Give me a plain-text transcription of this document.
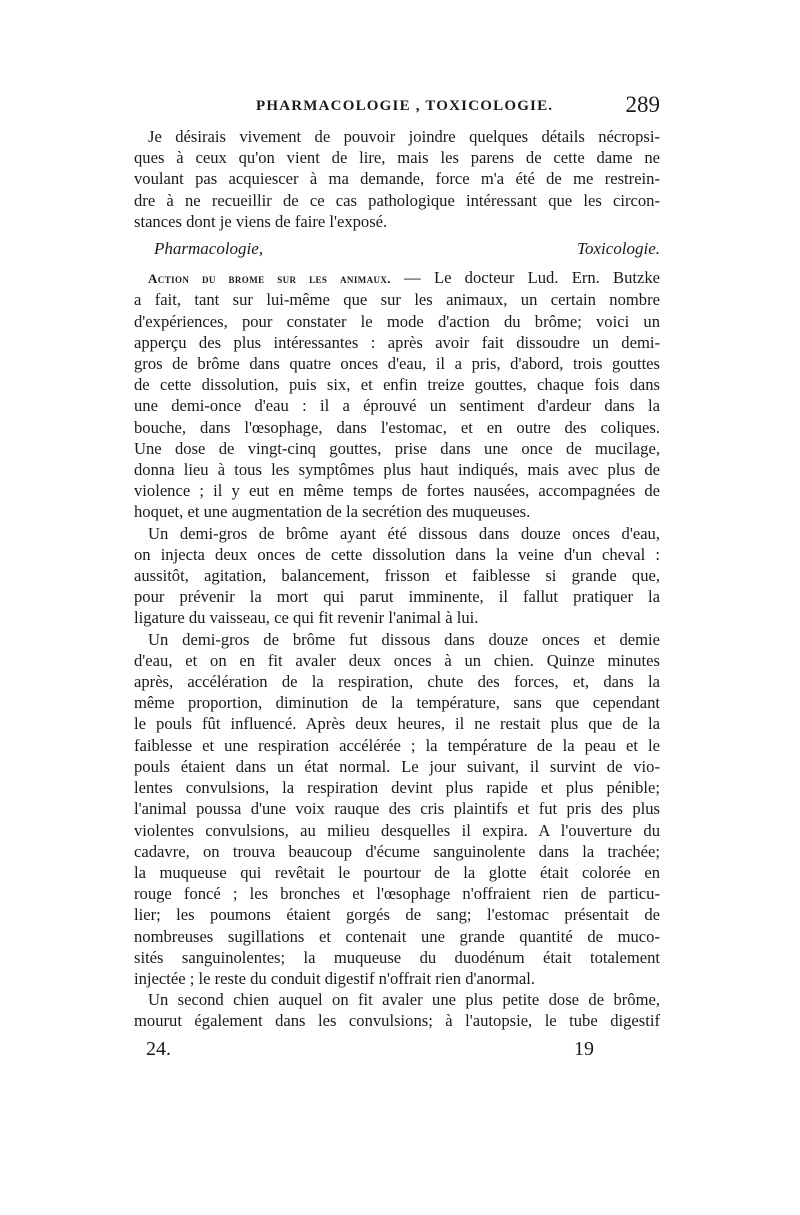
PHARMACOLOGIE , TOXICOLOGIE.	289
Je désirais vivement de pouvoir joindre quelques détails nécropsi-
ques à ceux qu'on vient de lire, mais les parens de cette dame ne
voulant pas acquiescer à ma demande, force m'a été de me restrein-
dre à ne recueillir de ce cas pathologique intéressant que les circon-
stances dont je viens de faire l'exposé.
Pharmacologie, Toxicologie.
Action du brome sur les animaux. — Le docteur Lud. Ern. Butzke
a fait, tant sur lui-même que sur les animaux, un certain nombre
d'expériences, pour constater le mode d'action du brôme; voici un
apperçu des plus intéressantes : après avoir fait dissoudre un demi-
gros de brôme dans quatre onces d'eau, il a pris, d'abord, trois gouttes
de cette dissolution, puis six, et enfin treize gouttes, chaque fois dans
une demi-once d'eau : il a éprouvé un sentiment d'ardeur dans la
bouche, dans l'œsophage, dans l'estomac, et en outre des coliques.
Une dose de vingt-cinq gouttes, prise dans une once de mucilage,
donna lieu à tous les symptômes plus haut indiqués, mais avec plus de
violence ; il y eut en même temps de fortes nausées, accompagnées de
hoquet, et une augmentation de la secrétion des muqueuses.
Un demi-gros de brôme ayant été dissous dans douze onces d'eau,
on injecta deux onces de cette dissolution dans la veine d'un cheval :
aussitôt, agitation, balancement, frisson et faiblesse si grande que,
pour prévenir la mort qui parut imminente, il fallut pratiquer la
ligature du vaisseau, ce qui fit revenir l'animal à lui.
Un demi-gros de brôme fut dissous dans douze onces et demie
d'eau, et on en fit avaler deux onces à un chien. Quinze minutes
après, accélération de la respiration, chute des forces, et, dans la
même proportion, diminution de la température, sans que cependant
le pouls fût influencé. Après deux heures, il ne restait plus que de la
faiblesse et une respiration accélérée ; la température de la peau et le
pouls étaient dans un état normal. Le jour suivant, il survint de vio-
lentes convulsions, la respiration devint plus rapide et plus pénible;
l'animal poussa d'une voix rauque des cris plaintifs et fut pris des plus
violentes convulsions, au milieu desquelles il expira. A l'ouverture du
cadavre, on trouva beaucoup d'écume sanguinolente dans la trachée;
la muqueuse qui revêtait le pourtour de la glotte était colorée en
rouge foncé ; les bronches et l'œsophage n'offraient rien de particu-
lier; les poumons étaient gorgés de sang; l'estomac présentait de
nombreuses sugillations et contenait une grande quantité de muco-
sités sanguinolentes; la muqueuse du duodénum était totalement
injectée ; le reste du conduit digestif n'offrait rien d'anormal.
Un second chien auquel on fit avaler une plus petite dose de brôme,
mourut également dans les convulsions; à l'autopsie, le tube digestif
24.	19
